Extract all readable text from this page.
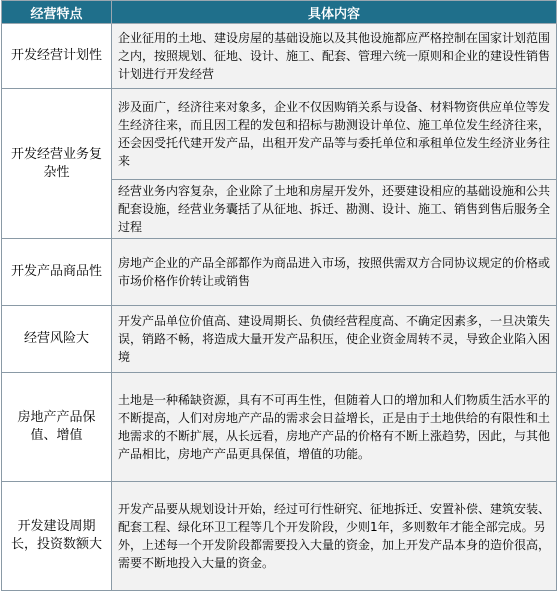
经营特点	具体内容
开发经营计划性	企业征用的土地、建设房屋的基础设施以及其他设施都应严格控制在国家计划范围之内，按照规划、征地、设计、施工、配套、管理六统一原则和企业的建设性销售计划进行开发经营
开发经营业务复杂性	涉及面广，经济往来对象多，企业不仅因购销关系与设备、材料物资供应单位等发生经济往来，而且因工程的发包和招标与勘测设计单位、施工单位发生经济往来，还会因受托代建开发产品，出租开发产品等与委托单位和承租单位发生经济业务往来
	经营业务内容复杂，企业除了土地和房屋开发外，还要建设相应的基础设施和公共配套设施，经营业务囊括了从征地、拆迁、勘测、设计、施工、销售到售后服务全过程
开发产品商品性	房地产企业的产品全部都作为商品进入市场，按照供需双方合同协议规定的价格或市场价格作价转让或销售
经营风险大	开发产品单位价值高、建设周期长、负债经营程度高、不确定因素多，一旦决策失误，销路不畅，将造成大量开发产品积压，使企业资金周转不灵，导致企业陷入困境
房地产产品保值、增值	土地是一种稀缺资源，具有不可再生性，但随着人口的增加和人们物质生活水平的不断提高，人们对房地产产品的需求会日益增长，正是由于土地供给的有限性和土地需求的不断扩展，从长远看，房地产产品的价格有不断上涨趋势，因此，与其他产品相比，房地产产品更具保值，增值的功能。
开发建设周期长，投资数额大	开发产品要从规划设计开始，经过可行性研究、征地拆迁、安置补偿、建筑安装、配套工程、绿化环卫工程等几个开发阶段，少则1年，多则数年才能全部完成。另外，上述每一个开发阶段都需要投入大量的资金，加上开发产品本身的造价很高，需要不断地投入大量的资金。
